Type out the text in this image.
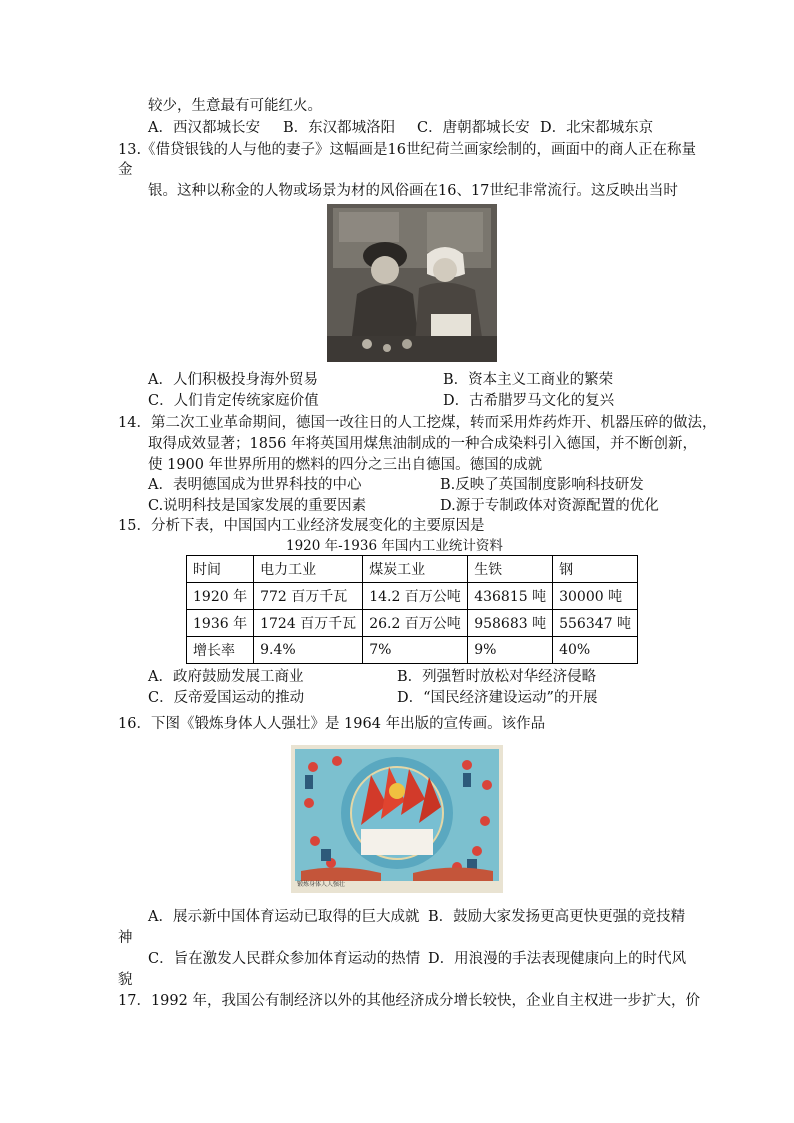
较少，生意最有可能红火。
A．西汉都城长安 B．东汉都城洛阳 C．唐朝都城长安 D．北宋都城东京
13.《借贷银钱的人与他的妻子》这幅画是16世纪荷兰画家绘制的，画面中的商人正在称量
金
银。这种以称金的人物或场景为材的风俗画在16、17世纪非常流行。这反映出当时
A．人们积极投身海外贸易	B．资本主义工商业的繁荣
C．人们肯定传统家庭价值	D．古希腊罗马文化的复兴
14．第二次工业革命期间，德国一改往日的人工挖煤，转而采用炸药炸开、机器压碎的做法，
取得成效显著；1856 年将英国用煤焦油制成的一种合成染料引入德国，并不断创新，
使 1900 年世界所用的燃料的四分之三出自德国。德国的成就
A．表明德国成为世界科技的中心	B.反映了英国制度影响科技研发
C.说明科技是国家发展的重要因素	D.源于专制政体对资源配置的优化
15．分析下表，中国国内工业经济发展变化的主要原因是
1920 年-1936 年国内工业统计资料
时间	电力工业	煤炭工业	生铁	钢
1920 年	772 百万千瓦	14.2 百万公吨	436815 吨	30000 吨
1936 年	1724 百万千瓦	26.2 百万公吨	958683 吨	556347 吨
增长率	9.4%	7%	9%	40%
A．政府鼓励发展工商业	B．列强暂时放松对华经济侵略
C．反帝爱国运动的推动	D．“国民经济建设运动”的开展
16．下图《锻炼身体人人强壮》是 1964 年出版的宣传画。该作品
锻炼身体人人强壮
A．展示新中国体育运动已取得的巨大成就 B．鼓励大家发扬更高更快更强的竞技精
神
C．旨在激发人民群众参加体育运动的热情 D．用浪漫的手法表现健康向上的时代风
貌
17．1992 年，我国公有制经济以外的其他经济成分增长较快，企业自主权进一步扩大，价
